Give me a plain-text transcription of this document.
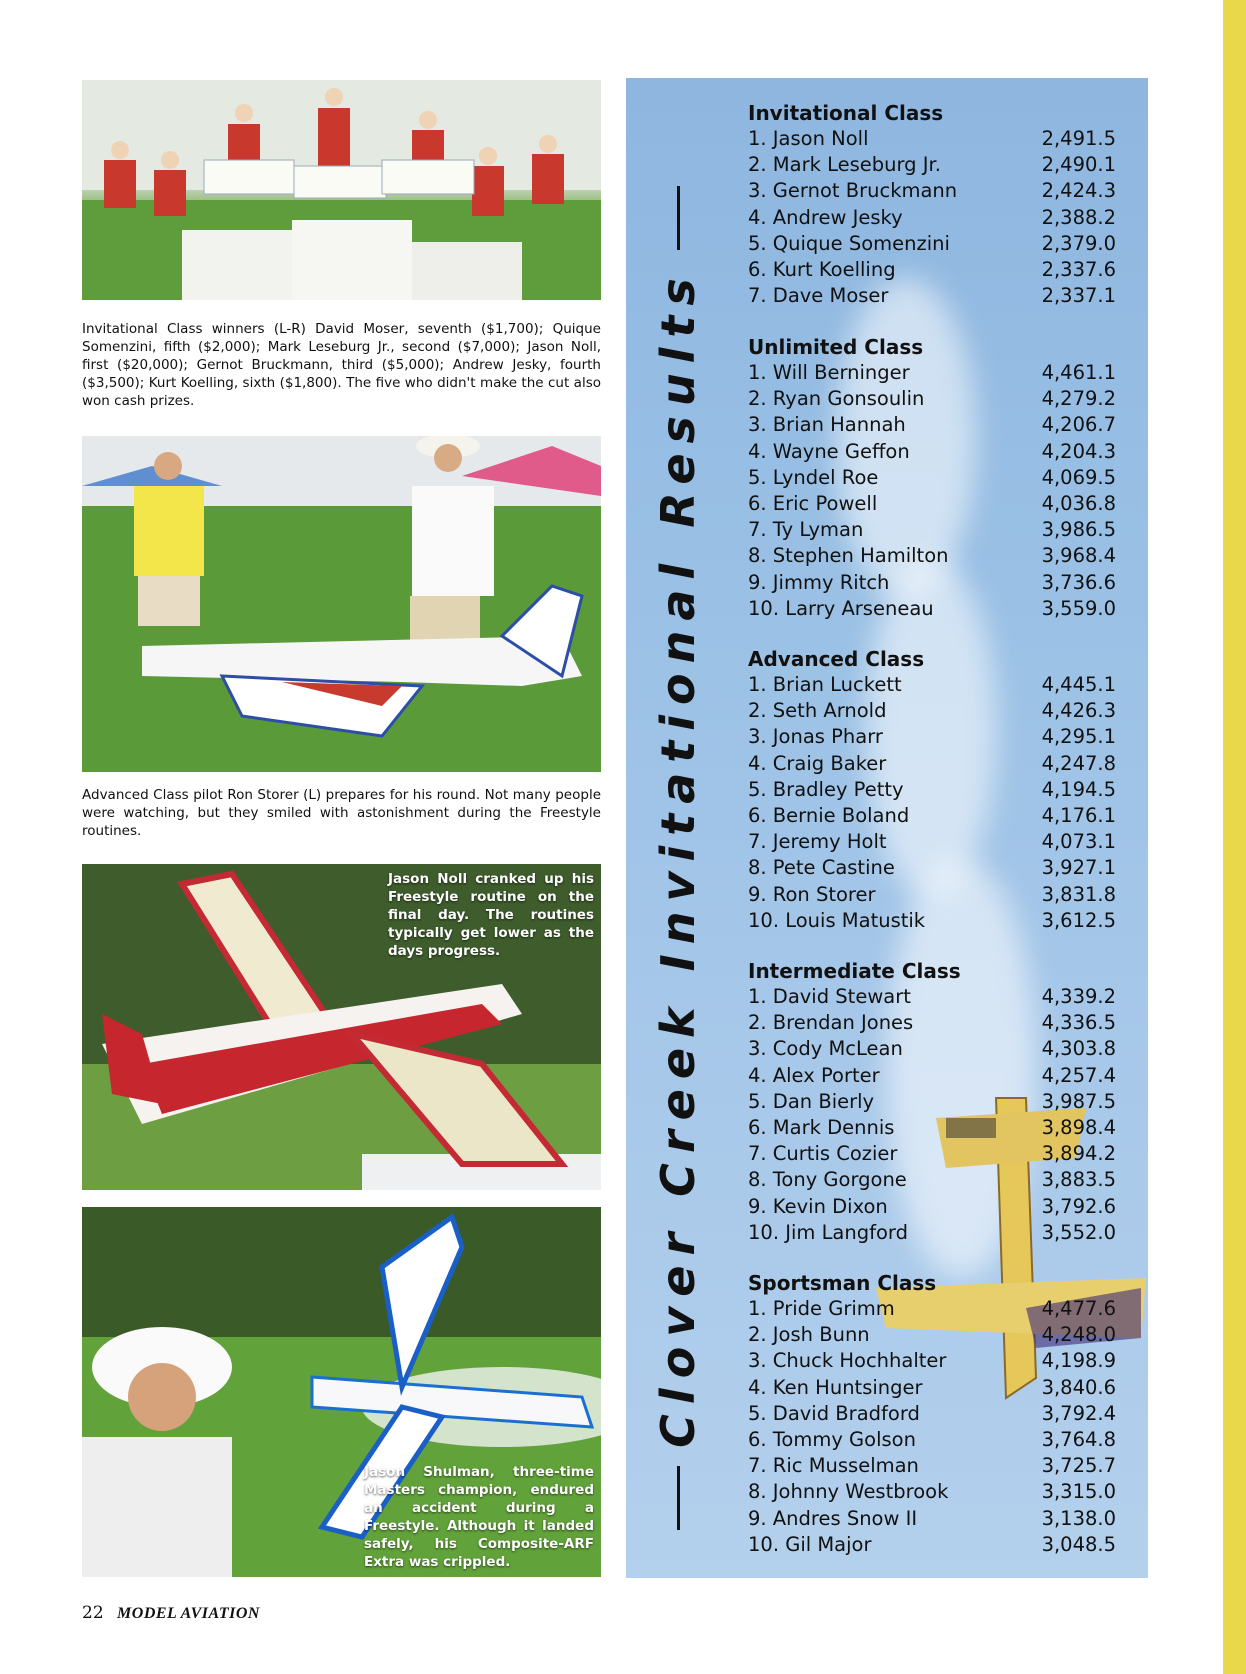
Invitational Class winners (L-R) David Moser, seventh ($1,700); Quique Somenzini, fifth ($2,000); Mark Leseburg Jr., second ($7,000); Jason Noll, first ($20,000); Gernot Bruckmann, third ($5,000); Andrew Jesky, fourth ($3,500); Kurt Koelling, sixth ($1,800). The five who didn't make the cut also won cash prizes.
Advanced Class pilot Ron Storer (L) prepares for his round. Not many people were watching, but they smiled with astonishment during the Freestyle routines.
Jason Noll cranked up his Freestyle routine on the final day. The routines typically get lower as the days progress.
Jason Shulman, three-time Masters champion, endured an accident during a Freestyle. Although it landed safely, his Composite-ARF Extra was crippled.
Clover Creek Invitational Results
Invitational Class
1. Jason Noll	2,491.5
2. Mark Leseburg Jr.	2,490.1
3. Gernot Bruckmann	2,424.3
4. Andrew Jesky	2,388.2
5. Quique Somenzini	2,379.0
6. Kurt Koelling	2,337.6
7. Dave Moser	2,337.1
Unlimited Class
1. Will Berninger	4,461.1
2. Ryan Gonsoulin	4,279.2
3. Brian Hannah	4,206.7
4. Wayne Geffon	4,204.3
5. Lyndel Roe	4,069.5
6. Eric Powell	4,036.8
7. Ty Lyman	3,986.5
8. Stephen Hamilton	3,968.4
9. Jimmy Ritch	3,736.6
10. Larry Arseneau	3,559.0
Advanced Class
1. Brian Luckett	4,445.1
2. Seth Arnold	4,426.3
3. Jonas Pharr	4,295.1
4. Craig Baker	4,247.8
5. Bradley Petty	4,194.5
6. Bernie Boland	4,176.1
7. Jeremy Holt	4,073.1
8. Pete Castine	3,927.1
9. Ron Storer	3,831.8
10. Louis Matustik	3,612.5
Intermediate Class
1. David Stewart	4,339.2
2. Brendan Jones	4,336.5
3. Cody McLean	4,303.8
4. Alex Porter	4,257.4
5. Dan Bierly	3,987.5
6. Mark Dennis	3,898.4
7. Curtis Cozier	3,894.2
8. Tony Gorgone	3,883.5
9. Kevin Dixon	3,792.6
10. Jim Langford	3,552.0
Sportsman Class
1. Pride Grimm	4,477.6
2. Josh Bunn	4,248.0
3. Chuck Hochhalter	4,198.9
4. Ken Huntsinger	3,840.6
5. David Bradford	3,792.4
6. Tommy Golson	3,764.8
7. Ric Musselman	3,725.7
8. Johnny Westbrook	3,315.0
9. Andres Snow II	3,138.0
10. Gil Major	3,048.5
22 MODEL AVIATION
